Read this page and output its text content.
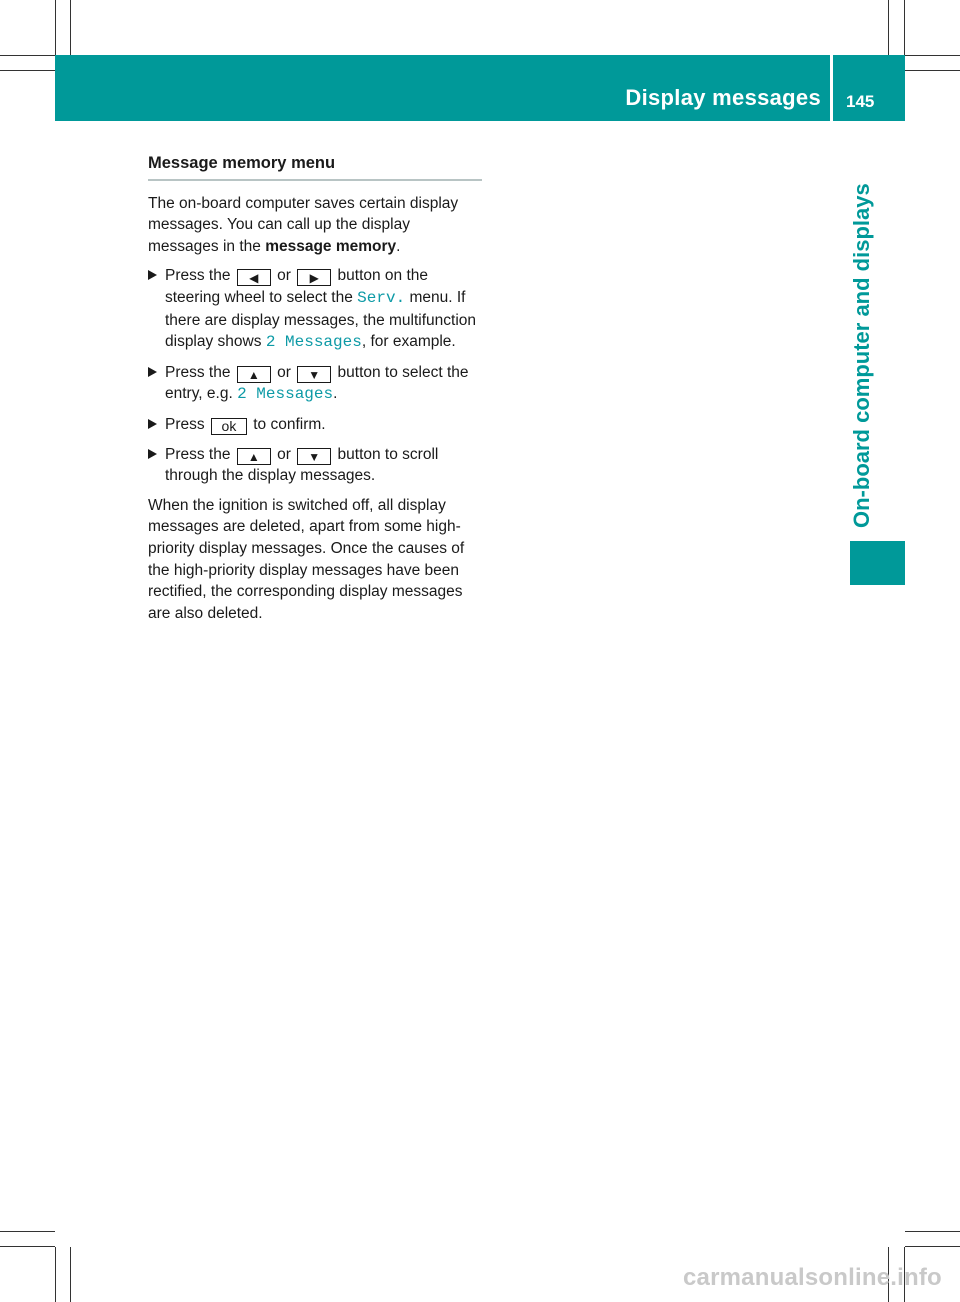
Display messages 145
On-board computer and displays
Message memory menu

The on-board computer saves certain display messages. You can call up the display messages in the message memory.

Press the ◀ or ▶ button on the steering wheel to select the Serv. menu. If there are display messages, the multifunction display shows 2 Messages, for example.
Press the ▲ or ▼ button to select the entry, e.g. 2 Messages.
Press ok to confirm.
Press the ▲ or ▼ button to scroll through the display messages.

When the ignition is switched off, all display messages are deleted, apart from some high-priority display messages. Once the causes of the high-priority display messages have been rectified, the corresponding display messages are also deleted.

carmanualsonline.info
